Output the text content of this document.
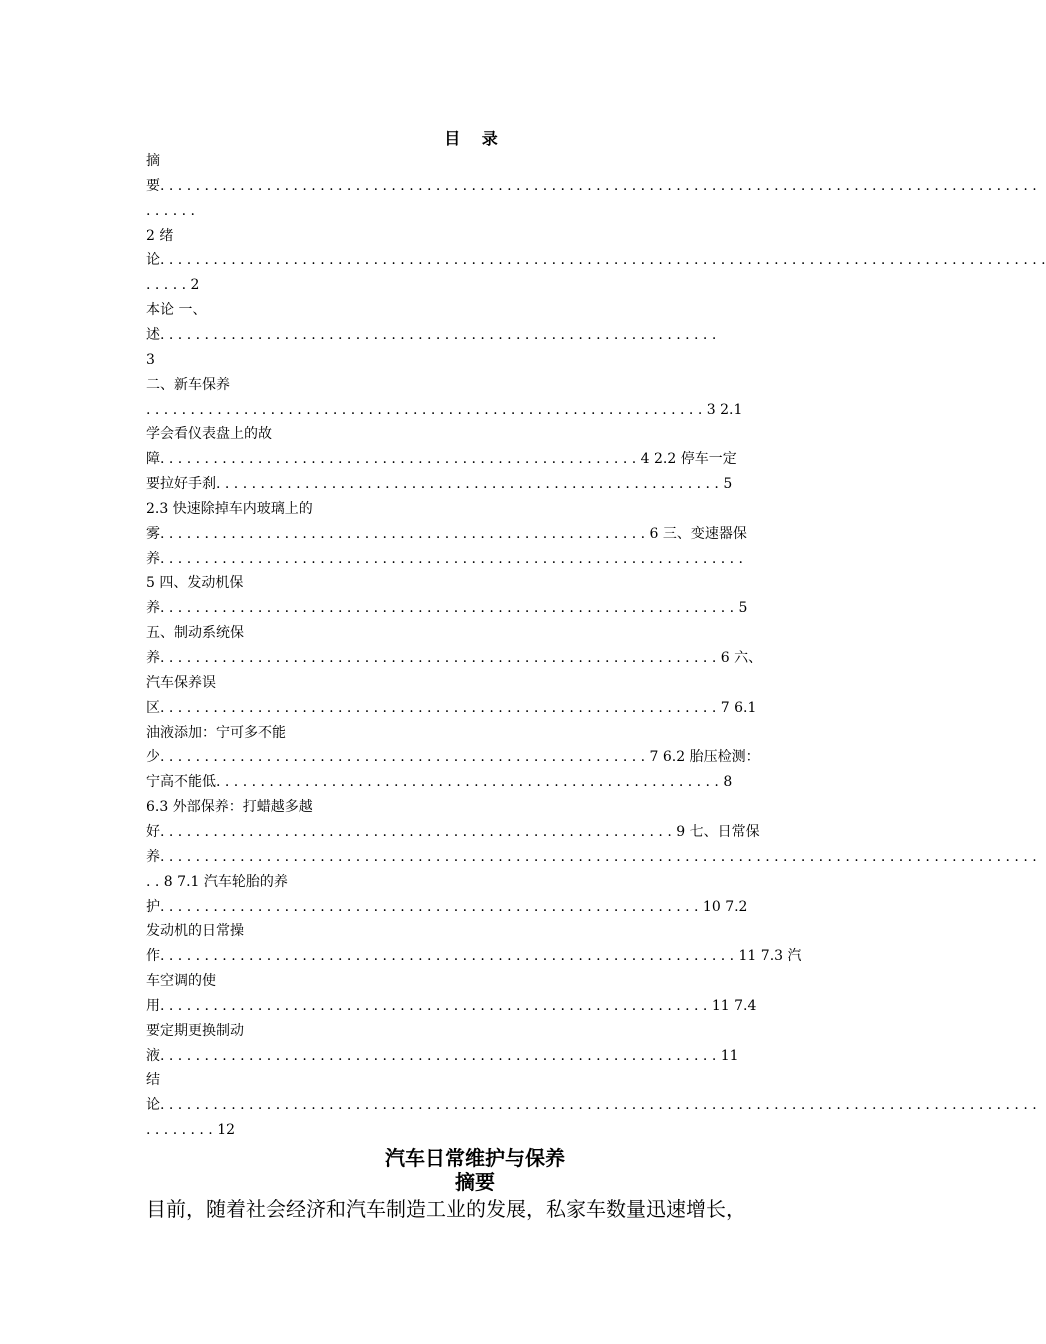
目 录
摘
要. . . . . . . . . . . . . . . . . . . . . . . . . . . . . . . . . . . . . . . . . . . . . . . . . . . . . . . . . . . . . . . . . . . . . . . . . . . . . . . . . . . . . . . . . . . . . . . . . . .
. . . . . .
2 绪
论. . . . . . . . . . . . . . . . . . . . . . . . . . . . . . . . . . . . . . . . . . . . . . . . . . . . . . . . . . . . . . . . . . . . . . . . . . . . . . . . . . . . . . . . . . . . . . . . . . . .
. . . . . 2
本论 一、
述. . . . . . . . . . . . . . . . . . . . . . . . . . . . . . . . . . . . . . . . . . . . . . . . . . . . . . . . . . . . . . .
3
二、新车保养
. . . . . . . . . . . . . . . . . . . . . . . . . . . . . . . . . . . . . . . . . . . . . . . . . . . . . . . . . . . . . . . 3 2.1
学会看仪表盘上的故
障. . . . . . . . . . . . . . . . . . . . . . . . . . . . . . . . . . . . . . . . . . . . . . . . . . . . . . 4 2.2 停车一定
要拉好手刹. . . . . . . . . . . . . . . . . . . . . . . . . . . . . . . . . . . . . . . . . . . . . . . . . . . . . . . . . 5
2.3 快速除掉车内玻璃上的
雾. . . . . . . . . . . . . . . . . . . . . . . . . . . . . . . . . . . . . . . . . . . . . . . . . . . . . . . 6 三、变速器保
养. . . . . . . . . . . . . . . . . . . . . . . . . . . . . . . . . . . . . . . . . . . . . . . . . . . . . . . . . . . . . . . . . .
5 四、发动机保
养. . . . . . . . . . . . . . . . . . . . . . . . . . . . . . . . . . . . . . . . . . . . . . . . . . . . . . . . . . . . . . . . . 5
五、制动系统保
养. . . . . . . . . . . . . . . . . . . . . . . . . . . . . . . . . . . . . . . . . . . . . . . . . . . . . . . . . . . . . . . 6 六、
汽车保养误
区. . . . . . . . . . . . . . . . . . . . . . . . . . . . . . . . . . . . . . . . . . . . . . . . . . . . . . . . . . . . . . . 7 6.1
油液添加：宁可多不能
少. . . . . . . . . . . . . . . . . . . . . . . . . . . . . . . . . . . . . . . . . . . . . . . . . . . . . . . 7 6.2 胎压检测：
宁高不能低. . . . . . . . . . . . . . . . . . . . . . . . . . . . . . . . . . . . . . . . . . . . . . . . . . . . . . . . . 8
6.3 外部保养：打蜡越多越
好. . . . . . . . . . . . . . . . . . . . . . . . . . . . . . . . . . . . . . . . . . . . . . . . . . . . . . . . . . 9 七、日常保
养. . . . . . . . . . . . . . . . . . . . . . . . . . . . . . . . . . . . . . . . . . . . . . . . . . . . . . . . . . . . . . . . . . . . . . . . . . . . . . . . . . . . . . . . . . . . . . . . . . .
. . 8 7.1 汽车轮胎的养
护. . . . . . . . . . . . . . . . . . . . . . . . . . . . . . . . . . . . . . . . . . . . . . . . . . . . . . . . . . . . . 10 7.2
发动机的日常操
作. . . . . . . . . . . . . . . . . . . . . . . . . . . . . . . . . . . . . . . . . . . . . . . . . . . . . . . . . . . . . . . . . 11 7.3 汽
车空调的使
用. . . . . . . . . . . . . . . . . . . . . . . . . . . . . . . . . . . . . . . . . . . . . . . . . . . . . . . . . . . . . . 11 7.4
要定期更换制动
液. . . . . . . . . . . . . . . . . . . . . . . . . . . . . . . . . . . . . . . . . . . . . . . . . . . . . . . . . . . . . . . 11
结
论. . . . . . . . . . . . . . . . . . . . . . . . . . . . . . . . . . . . . . . . . . . . . . . . . . . . . . . . . . . . . . . . . . . . . . . . . . . . . . . . . . . . . . . . . . . . . . . . . . .
. . . . . . . . 12
汽车日常维护与保养
摘要
目前，随着社会经济和汽车制造工业的发展，私家车数量迅速增长，
